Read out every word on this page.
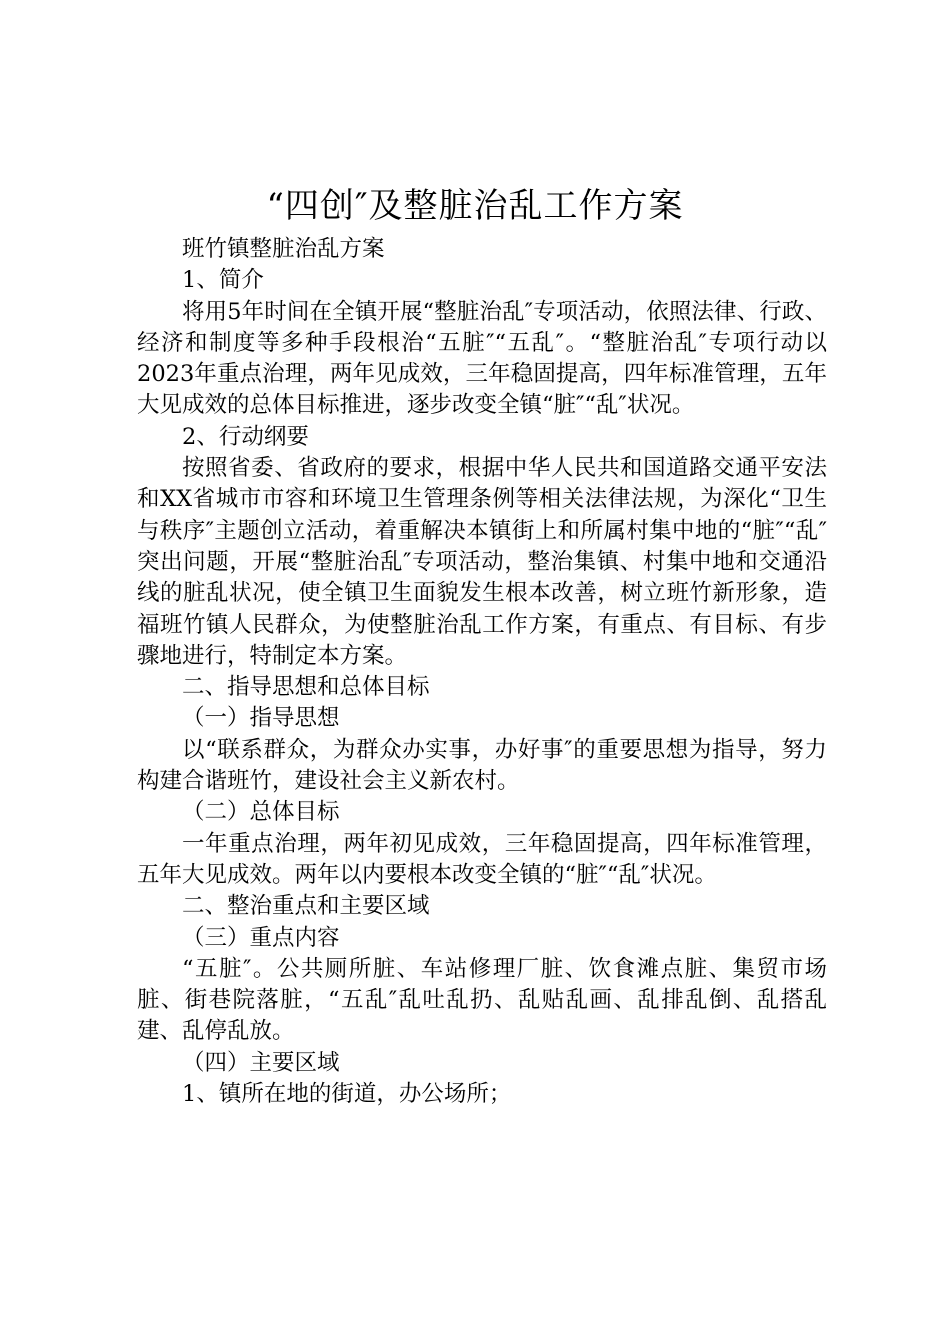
“四创″及整脏治乱工作方案

班竹镇整脏治乱方案

1、简介

将用5年时间在全镇开展“整脏治乱″专项活动，依照法律、行政、经济和制度等多种手段根治“五脏″“五乱″。“整脏治乱″专项行动以2023年重点治理，两年见成效，三年稳固提高，四年标准管理，五年大见成效的总体目标推进，逐步改变全镇“脏″“乱″状况。

2、行动纲要

按照省委、省政府的要求，根据中华人民共和国道路交通平安法和XX省城市市容和环境卫生管理条例等相关法律法规，为深化“卫生与秩序″主题创立活动，着重解决本镇街上和所属村集中地的“脏″“乱″突出问题，开展“整脏治乱″专项活动，整治集镇、村集中地和交通沿线的脏乱状况，使全镇卫生面貌发生根本改善，树立班竹新形象，造福班竹镇人民群众，为使整脏治乱工作方案，有重点、有目标、有步骤地进行，特制定本方案。

二、指导思想和总体目标

（一）指导思想

以“联系群众，为群众办实事，办好事″的重要思想为指导，努力构建合谐班竹，建设社会主义新农村。

（二）总体目标

一年重点治理，两年初见成效，三年稳固提高，四年标准管理，五年大见成效。两年以内要根本改变全镇的“脏″“乱″状况。

二、整治重点和主要区域

（三）重点内容

“五脏″。公共厕所脏、车站修理厂脏、饮食滩点脏、集贸市场脏、街巷院落脏，“五乱″乱吐乱扔、乱贴乱画、乱排乱倒、乱搭乱建、乱停乱放。

（四）主要区域

1、镇所在地的街道，办公场所；
